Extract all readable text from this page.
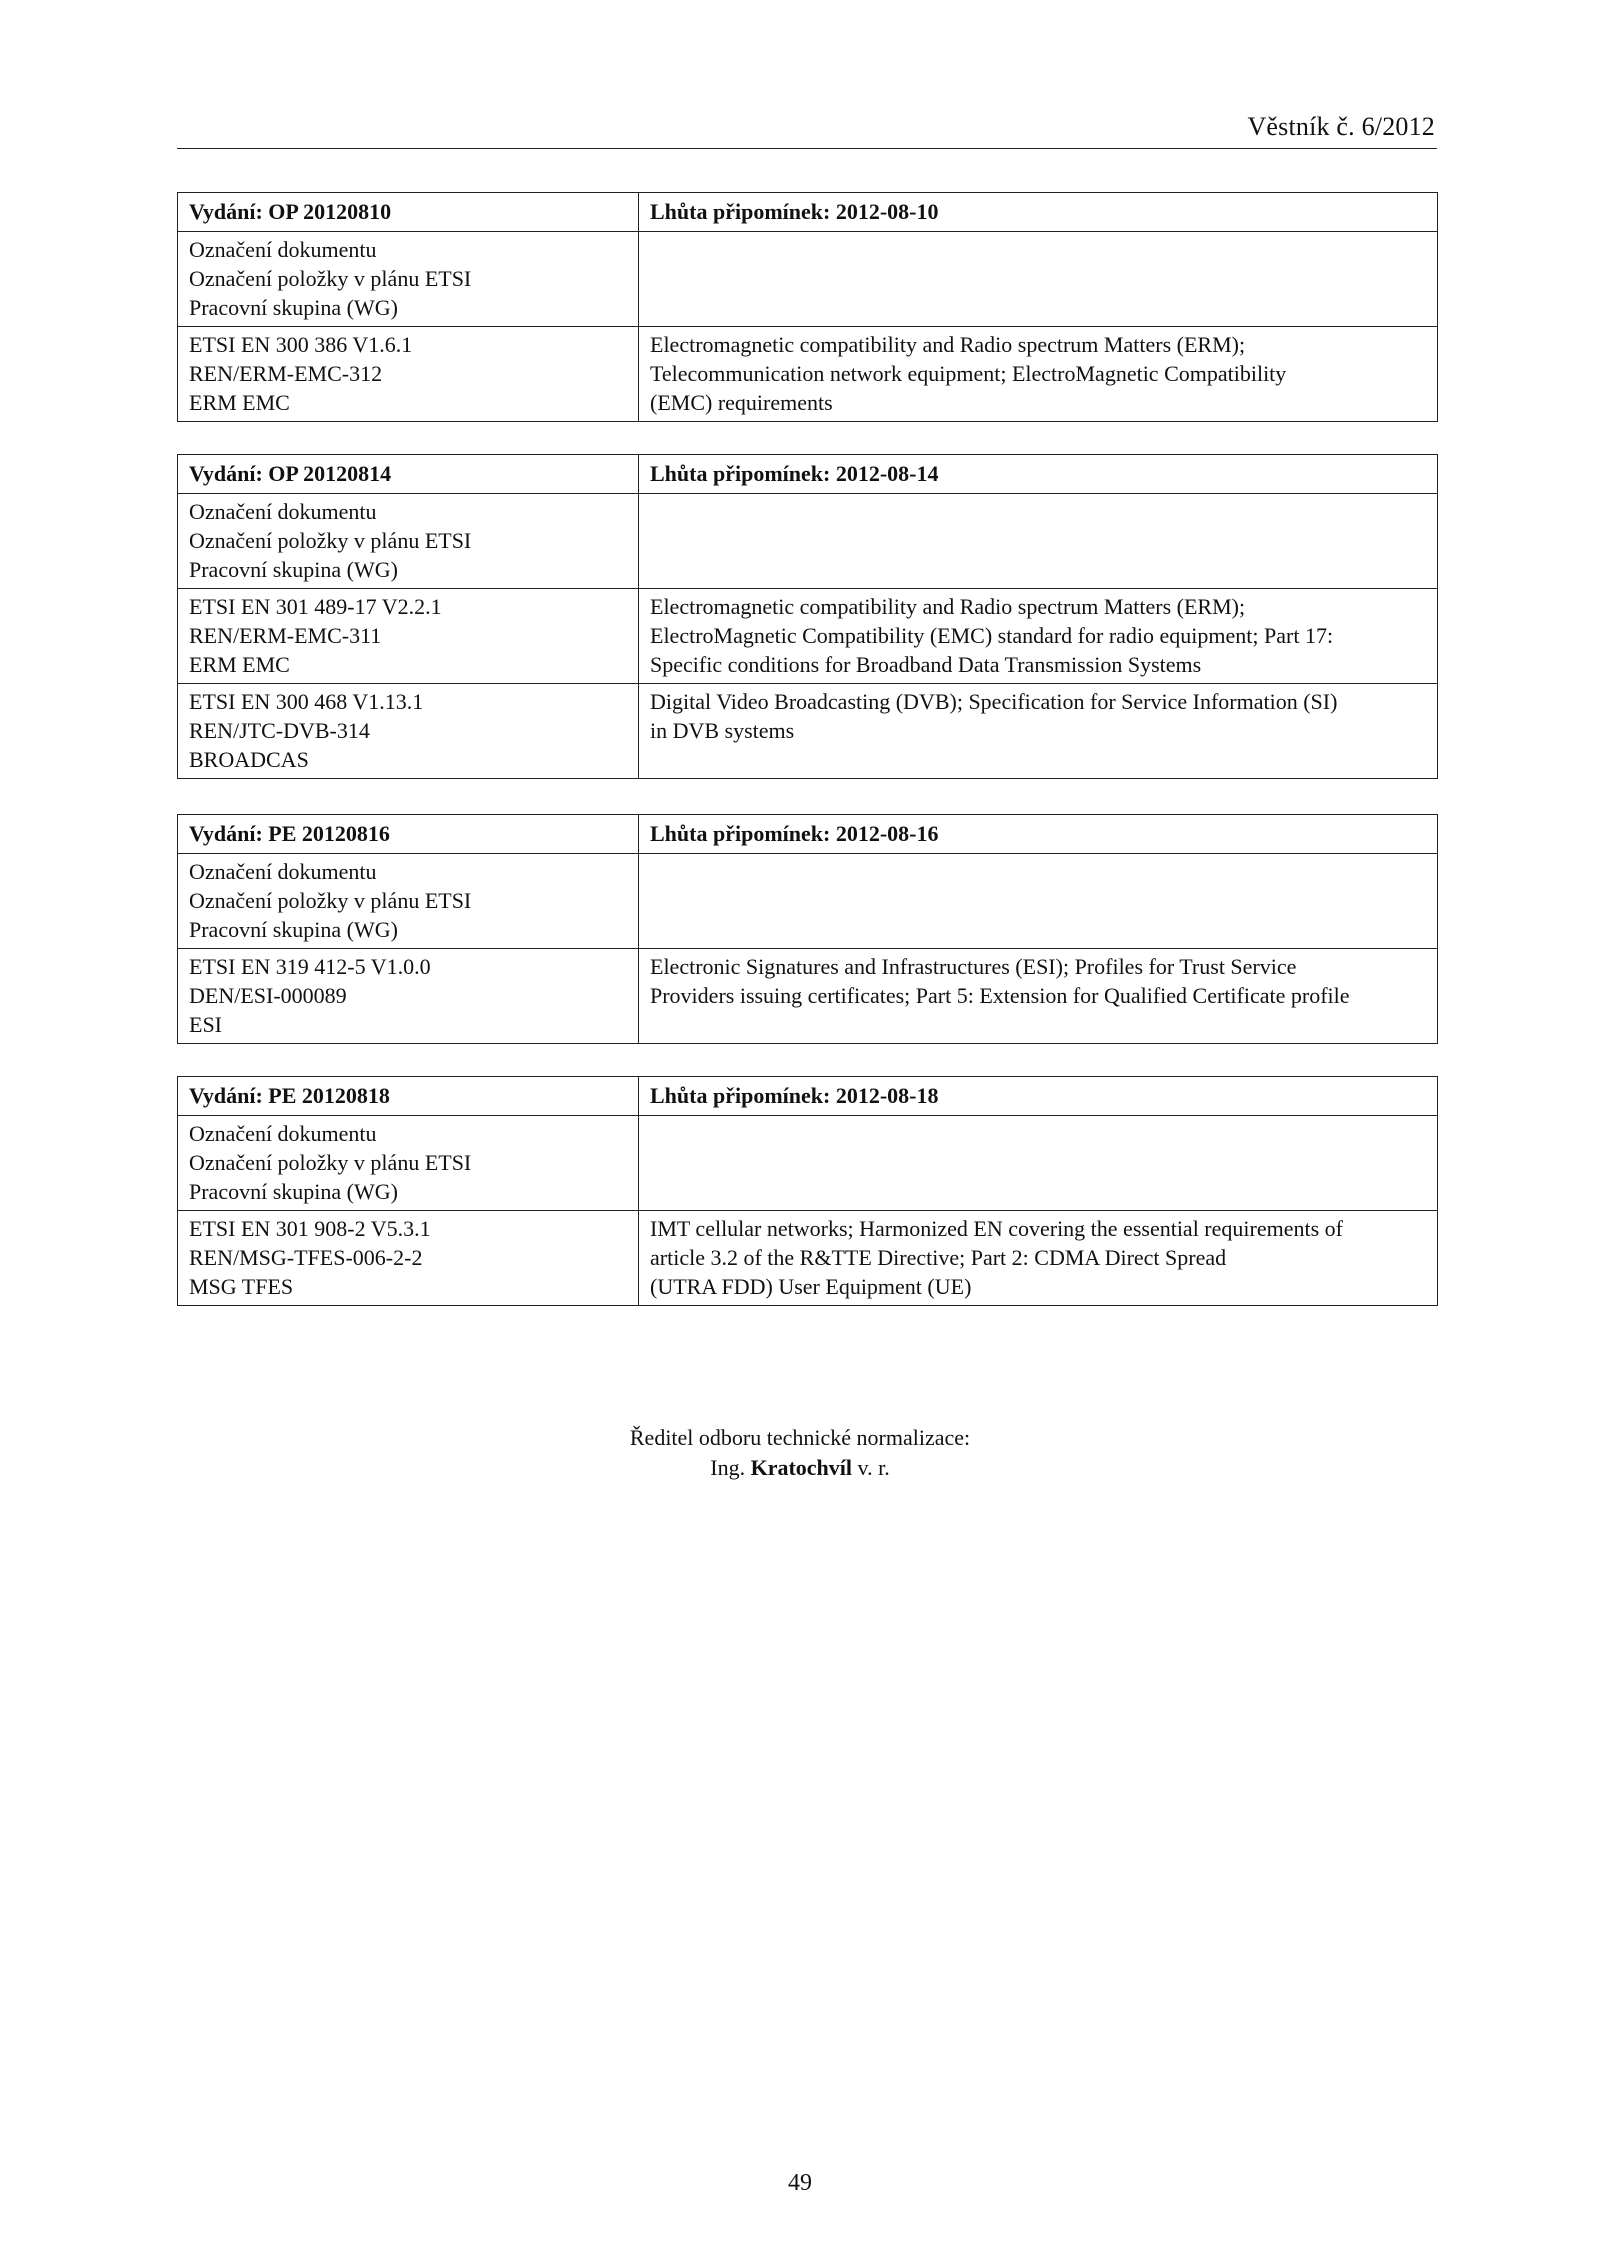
Věstník č. 6/2012
Vydání: OP 20120810	Lhůta připomínek: 2012-08-10

Označení dokumentu
Označení položky v plánu ETSI
Pracovní skupina (WG)	

ETSI EN 300 386 V1.6.1
REN/ERM-EMC-312
ERM EMC	Electromagnetic compatibility and Radio spectrum Matters (ERM);
Telecommunication network equipment; ElectroMagnetic Compatibility
(EMC) requirements
Vydání: OP 20120814	Lhůta připomínek: 2012-08-14

Označení dokumentu
Označení položky v plánu ETSI
Pracovní skupina (WG)	

ETSI EN 301 489-17 V2.2.1
REN/ERM-EMC-311
ERM EMC	Electromagnetic compatibility and Radio spectrum Matters (ERM);
ElectroMagnetic Compatibility (EMC) standard for radio equipment; Part 17:
Specific conditions for Broadband Data Transmission Systems

ETSI EN 300 468 V1.13.1
REN/JTC-DVB-314
BROADCAS	Digital Video Broadcasting (DVB); Specification for Service Information (SI)
in DVB systems
Vydání: PE 20120816	Lhůta připomínek: 2012-08-16

Označení dokumentu
Označení položky v plánu ETSI
Pracovní skupina (WG)	

ETSI EN 319 412-5 V1.0.0
DEN/ESI-000089
ESI	Electronic Signatures and Infrastructures (ESI); Profiles for Trust Service
Providers issuing certificates; Part 5: Extension for Qualified Certificate profile
Vydání: PE 20120818	Lhůta připomínek: 2012-08-18

Označení dokumentu
Označení položky v plánu ETSI
Pracovní skupina (WG)	

ETSI EN 301 908-2 V5.3.1
REN/MSG-TFES-006-2-2
MSG TFES	IMT cellular networks; Harmonized EN covering the essential requirements of
article 3.2 of the R&TTE Directive; Part 2: CDMA Direct Spread
(UTRA FDD) User Equipment (UE)
Ředitel odboru technické normalizace:
Ing. Kratochvíl v. r.
49
